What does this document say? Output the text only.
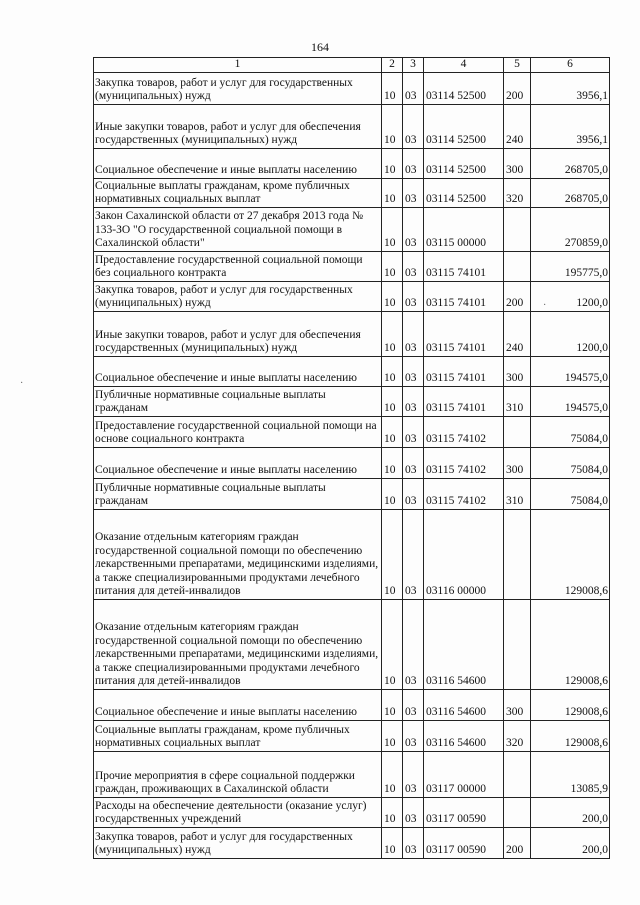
164
1	2	3	4	5	6
Закупка товаров, работ и услуг для государственных (муниципальных) нужд	10	03	03114 52500	200	3956,1
Иные закупки товаров, работ и услуг для обеспечения государственных (муниципальных) нужд	10	03	03114 52500	240	3956,1
Социальное обеспечение и иные выплаты населению	10	03	03114 52500	300	268705,0
Социальные выплаты гражданам, кроме публичных нормативных социальных выплат	10	03	03114 52500	320	268705,0
Закон Сахалинской области от 27 декабря 2013 года № 133-ЗО "О государственной социальной помощи в Сахалинской области"	10	03	03115 00000		270859,0
Предоставление государственной социальной помощи без социального контракта	10	03	03115 74101		195775,0
Закупка товаров, работ и услуг для государственных (муниципальных) нужд	10	03	03115 74101	200	1200,0
Иные закупки товаров, работ и услуг для обеспечения государственных (муниципальных) нужд	10	03	03115 74101	240	1200,0
Социальное обеспечение и иные выплаты населению	10	03	03115 74101	300	194575,0
Публичные нормативные социальные выплаты гражданам	10	03	03115 74101	310	194575,0
Предоставление государственной социальной помощи на основе социального контракта	10	03	03115 74102		75084,0
Социальное обеспечение и иные выплаты населению	10	03	03115 74102	300	75084,0
Публичные нормативные социальные выплаты гражданам	10	03	03115 74102	310	75084,0
Оказание отдельным категориям граждан государственной социальной помощи по обеспечению лекарственными препаратами, медицинскими изделиями, а также специализированными продуктами лечебного питания для детей-инвалидов	10	03	03116 00000		129008,6
Оказание отдельным категориям граждан государственной социальной помощи по обеспечению лекарственными препаратами, медицинскими изделиями, а также специализированными продуктами лечебного питания для детей-инвалидов	10	03	03116 54600		129008,6
Социальное обеспечение и иные выплаты населению	10	03	03116 54600	300	129008,6
Социальные выплаты гражданам, кроме публичных нормативных социальных выплат	10	03	03116 54600	320	129008,6
Прочие мероприятия в сфере социальной поддержки граждан, проживающих в Сахалинской области	10	03	03117 00000		13085,9
Расходы на обеспечение деятельности (оказание услуг) государственных учреждений	10	03	03117 00590		200,0
Закупка товаров, работ и услуг для государственных (муниципальных) нужд	10	03	03117 00590	200	200,0
·
·
